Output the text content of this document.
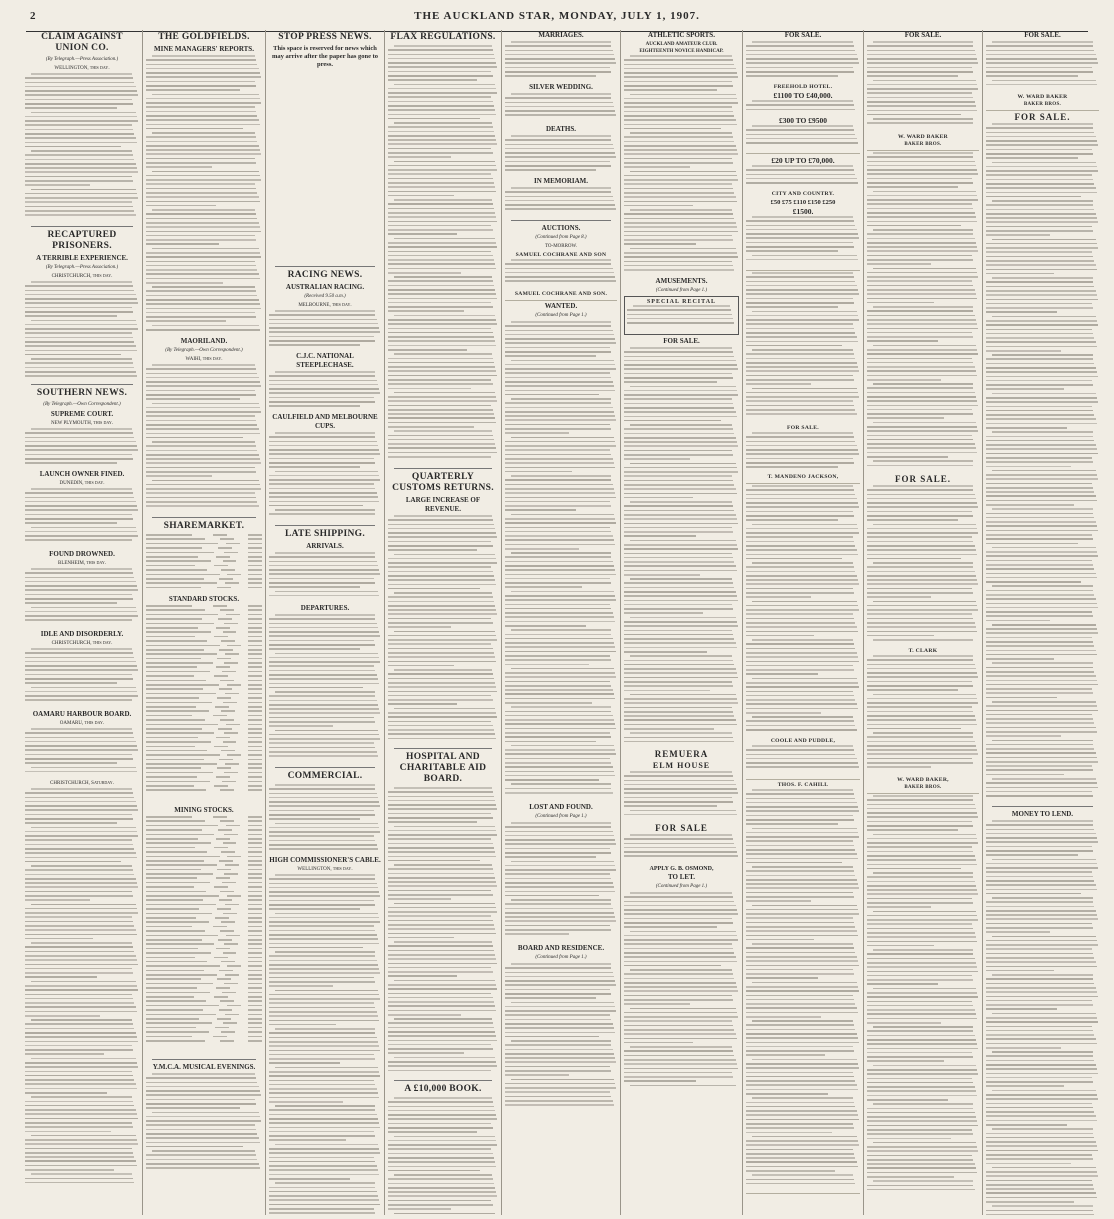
2	THE AUCKLAND STAR, MONDAY, JULY 1, 1907.
CLAIM AGAINST UNION CO.
(By Telegraph.—Press Association.)
WELLINGTON, this day.
RECAPTURED PRISONERS.
A TERRIBLE EXPERIENCE.
(By Telegraph.—Press Association.)
CHRISTCHURCH, this day.
SOUTHERN NEWS.
(By Telegraph.—Own Correspondent.)
SUPREME COURT.
NEW PLYMOUTH, this day.
LAUNCH OWNER FINED.
DUNEDIN, this day.
FOUND DROWNED.
BLENHEIM, this day.
IDLE AND DISORDERLY.
CHRISTCHURCH, this day.
OAMARU HARBOUR BOARD.
OAMARU, this day.
CHRISTCHURCH, Saturday.
THE GOLDFIELDS.
MINE MANAGERS' REPORTS.
MAORILAND.
(By Telegraph.—Own Correspondent.)
WAIHI, this day.
SHAREMARKET.
STANDARD STOCKS.
MINING STOCKS.
Y.M.C.A. MUSICAL EVENINGS.
STOP PRESS NEWS.
This space is reserved for news which may arrive after the paper has gone to press.
RACING NEWS.
AUSTRALIAN RACING.
(Received 9.50 a.m.)
MELBOURNE, this day.
C.J.C. NATIONAL STEEPLECHASE.
CAULFIELD AND MELBOURNE CUPS.
LATE SHIPPING.
ARRIVALS.
DEPARTURES.
COMMERCIAL.
HIGH COMMISSIONER'S CABLE.
WELLINGTON, this day.
FLAX REGULATIONS.
QUARTERLY CUSTOMS RETURNS.
LARGE INCREASE OF REVENUE.
HOSPITAL AND CHARITABLE AID BOARD.
A £10,000 BOOK.
MARRIAGES.
SILVER WEDDING.
DEATHS.
IN MEMORIAM.
AUCTIONS.
(Continued from Page 8.)
TO-MORROW.
SAMUEL COCHRANE AND SON
SAMUEL COCHRANE AND SON.
WANTED.
(Continued from Page 1.)
LOST AND FOUND.
(Continued from Page 1.)
BOARD AND RESIDENCE.
(Continued from Page 1.)
ATHLETIC SPORTS.
AUCKLAND AMATEUR CLUB.
EIGHTEENTH NOVICE HANDICAP.
AMUSEMENTS.
(Continued from Page 1.)
SPECIAL RECITAL
FOR SALE.
REMUERA
ELM HOUSE
FOR SALE
APPLY G. B. OSMOND,
TO LET.
(Continued from Page 1.)
FOR SALE.
FREEHOLD HOTEL.
£1100 TO £40,000.
£300 TO £9500
£20 UP TO £70,000.
CITY AND COUNTRY.
£50 £75 £110 £150 £250
£1500.
FOR SALE.
T. MANDENO JACKSON,
COOLE AND PUDDLE,
THOS. F. CAHILL
FOR SALE.
W. WARD BAKER
BAKER BROS.
FOR SALE.
T. CLARK
W. WARD BAKER,
BAKER BROS.
FOR SALE.
W. WARD BAKER
BAKER BROS.
FOR SALE.
MONEY TO LEND.
